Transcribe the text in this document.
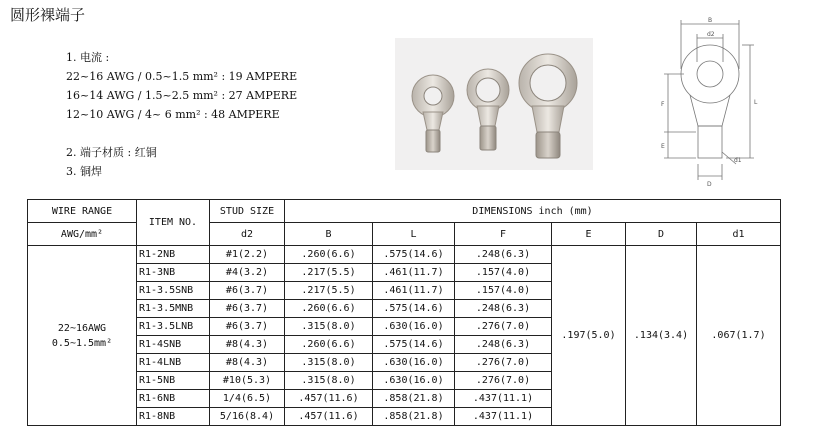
圆形裸端子
1. 电流 :
22~16 AWG / 0.5~1.5 mm² : 19 AMPERE
16~14 AWG / 1.5~2.5 mm² : 27 AMPERE
12~10 AWG / 4~ 6 mm² : 48 AMPERE
2. 端子材质 : 红铜
3. 铜焊
B
d2
F
E
L
d1
D
WIRE RANGE	ITEM NO.	STUD SIZE	DIMENSIONS inch (mm)					
AWG/mm²		d2	B	L	F	E	D	d1

22~16AWG
0.5~1.5mm²	R1-2NB	#1(2.2)	.260(6.6)	.575(14.6)	.248(6.3)	.197(5.0)	.134(3.4)	.067(1.7)
	R1-3NB	#4(3.2)	.217(5.5)	.461(11.7)	.157(4.0)			
	R1-3.5SNB	#6(3.7)	.217(5.5)	.461(11.7)	.157(4.0)			
	R1-3.5MNB	#6(3.7)	.260(6.6)	.575(14.6)	.248(6.3)			
	R1-3.5LNB	#6(3.7)	.315(8.0)	.630(16.0)	.276(7.0)			
	R1-4SNB	#8(4.3)	.260(6.6)	.575(14.6)	.248(6.3)			
	R1-4LNB	#8(4.3)	.315(8.0)	.630(16.0)	.276(7.0)			
	R1-5NB	#10(5.3)	.315(8.0)	.630(16.0)	.276(7.0)			
	R1-6NB	1/4(6.5)	.457(11.6)	.858(21.8)	.437(11.1)			
	R1-8NB	5/16(8.4)	.457(11.6)	.858(21.8)	.437(11.1)			
